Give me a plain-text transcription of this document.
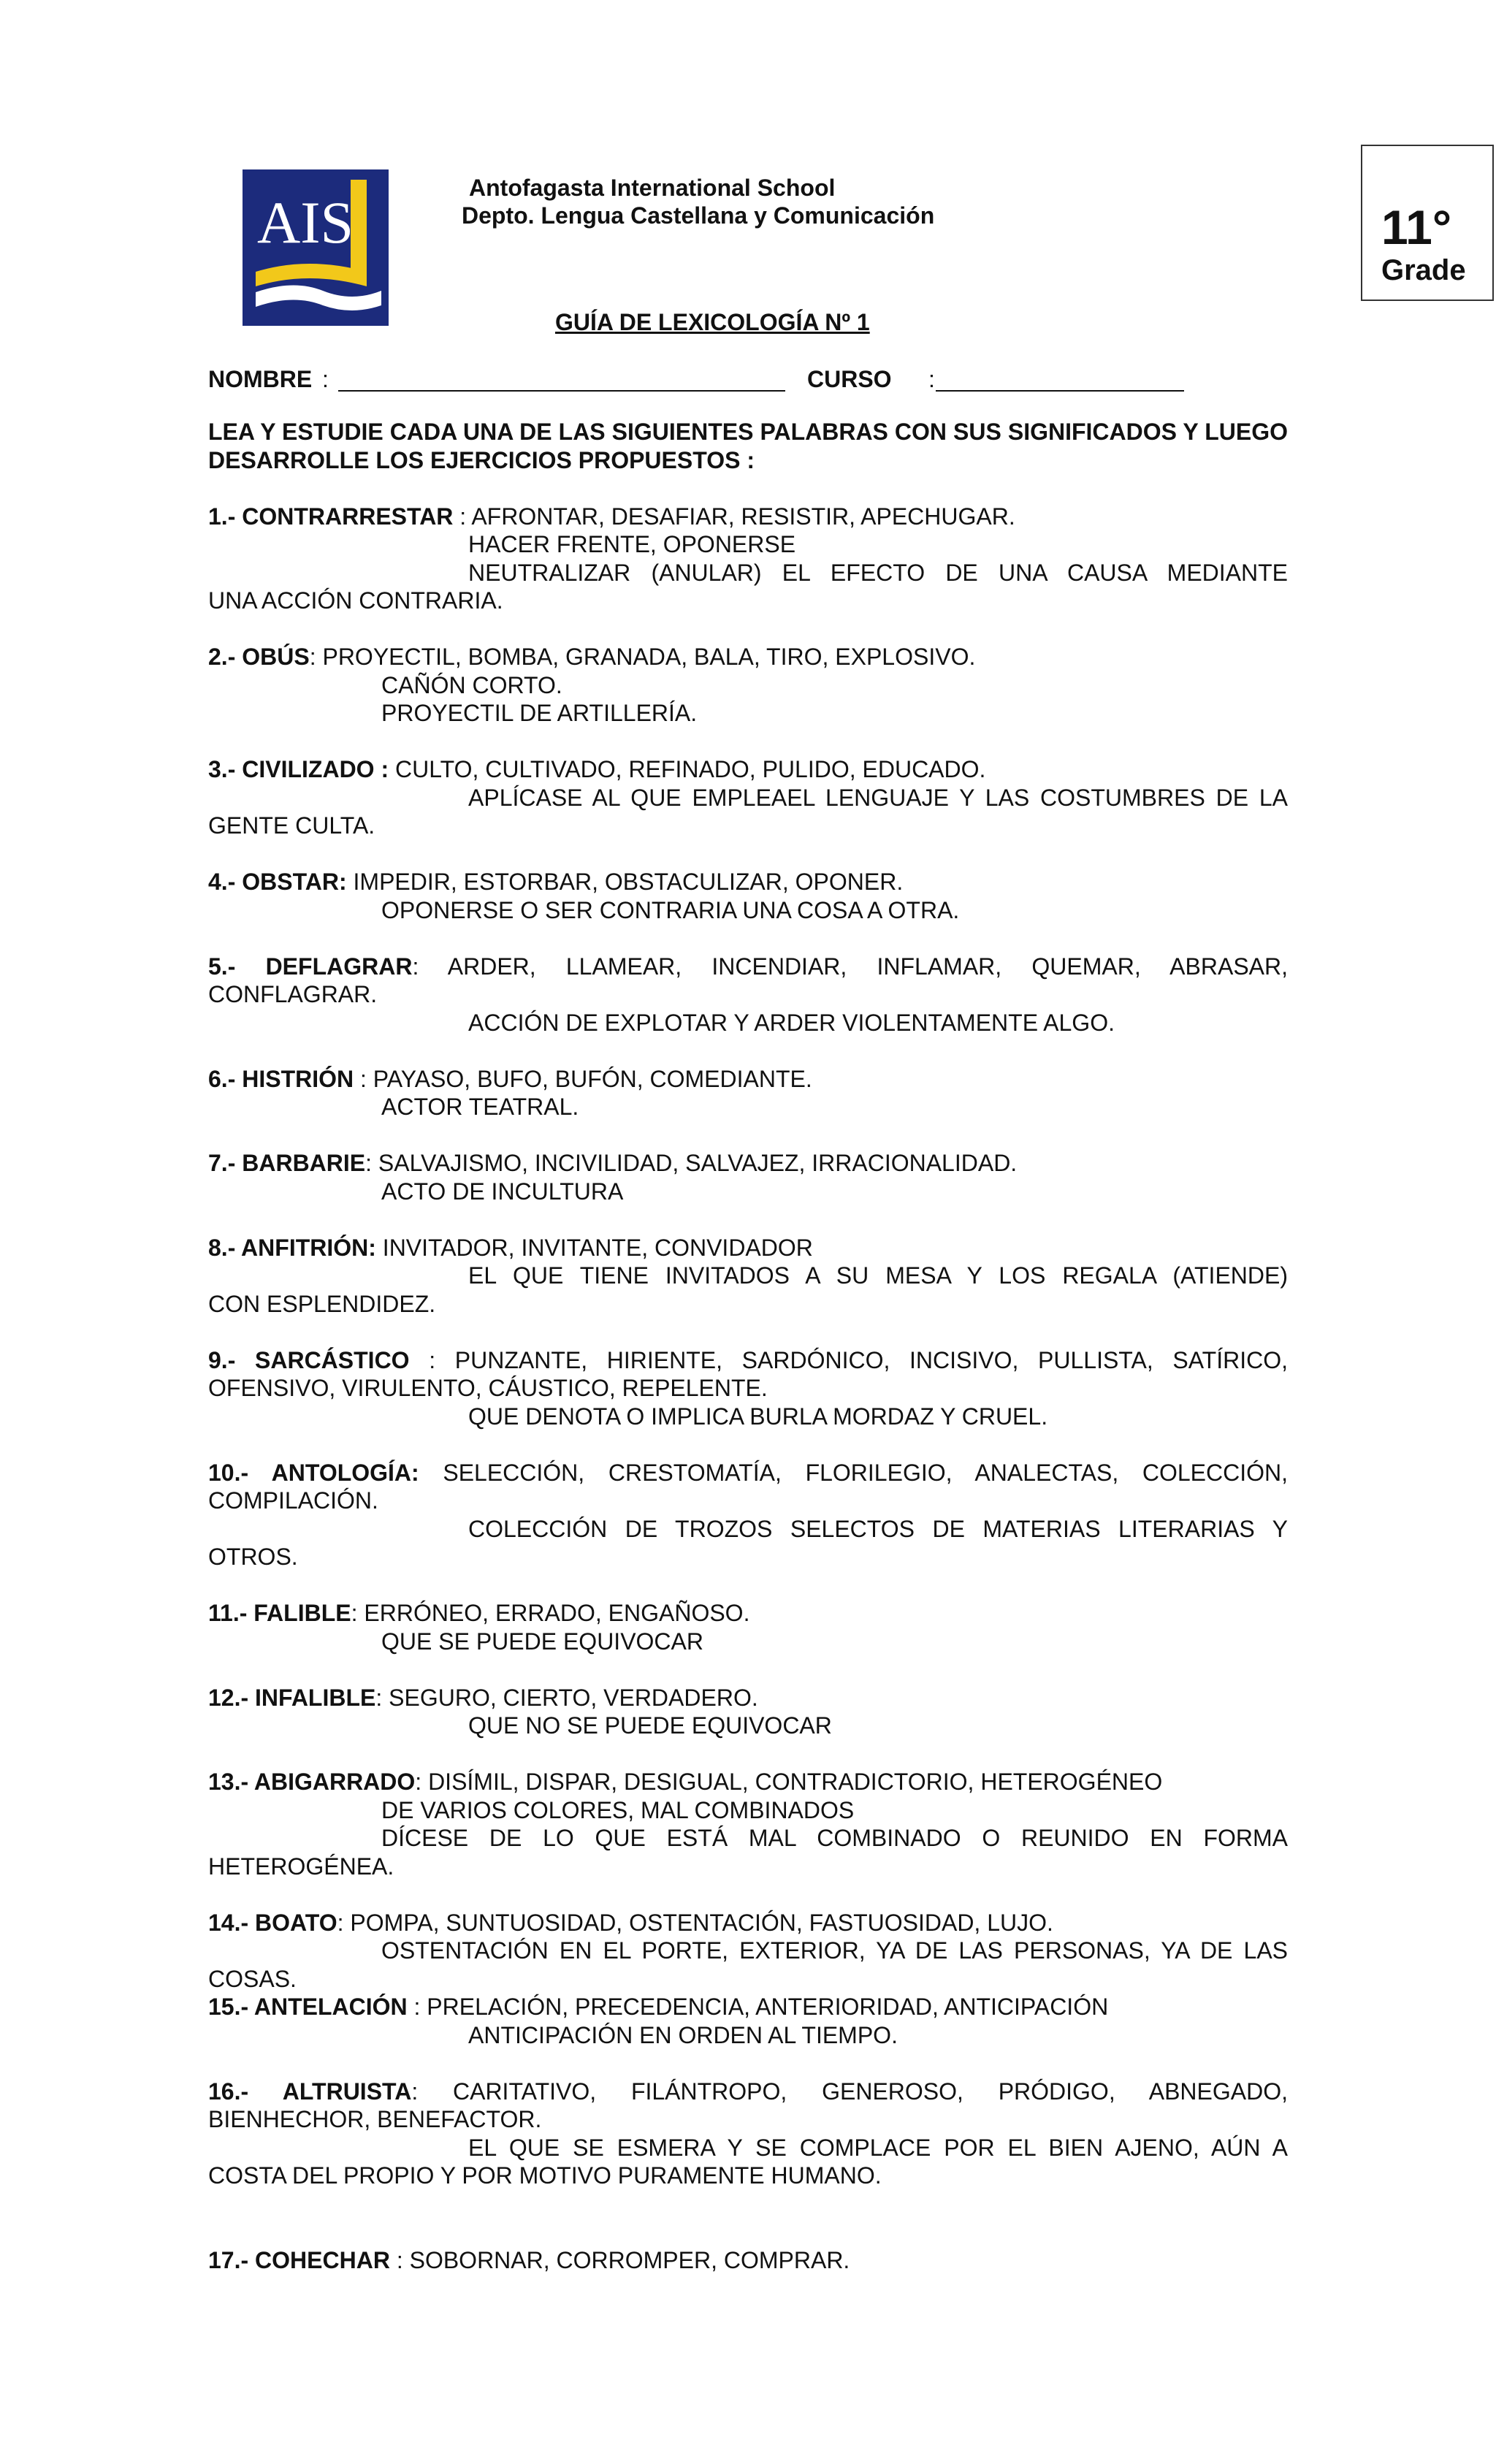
AIS
Antofagasta International School
Depto. Lengua Castellana y Comunicación	11°
Grade
GUÍA DE LEXICOLOGÍA Nº 1
NOMBRE :	CURSO :
LEA Y ESTUDIE CADA UNA DE LAS SIGUIENTES PALABRAS CON SUS SIGNIFICADOS Y LUEGO DESARROLLE LOS EJERCICIOS PROPUESTOS :
1.- CONTRARRESTAR : AFRONTAR, DESAFIAR, RESISTIR, APECHUGAR.
HACER FRENTE, OPONERSE
NEUTRALIZAR (ANULAR) EL EFECTO DE UNA CAUSA MEDIANTE
UNA ACCIÓN CONTRARIA.
2.- OBÚS: PROYECTIL, BOMBA, GRANADA, BALA, TIRO, EXPLOSIVO.
CAÑÓN CORTO.
PROYECTIL DE ARTILLERÍA.
3.- CIVILIZADO : CULTO, CULTIVADO, REFINADO, PULIDO, EDUCADO.
APLÍCASE AL QUE EMPLEAEL LENGUAJE Y LAS COSTUMBRES DE LA
GENTE CULTA.
4.- OBSTAR: IMPEDIR, ESTORBAR, OBSTACULIZAR, OPONER.
OPONERSE O SER CONTRARIA UNA COSA A OTRA.
5.- DEFLAGRAR: ARDER, LLAMEAR, INCENDIAR, INFLAMAR, QUEMAR, ABRASAR,
CONFLAGRAR.
ACCIÓN DE EXPLOTAR Y ARDER VIOLENTAMENTE ALGO.
6.- HISTRIÓN : PAYASO, BUFO, BUFÓN, COMEDIANTE.
ACTOR TEATRAL.
7.- BARBARIE: SALVAJISMO, INCIVILIDAD, SALVAJEZ, IRRACIONALIDAD.
ACTO DE INCULTURA
8.- ANFITRIÓN: INVITADOR, INVITANTE, CONVIDADOR
EL QUE TIENE INVITADOS A SU MESA Y LOS REGALA (ATIENDE)
CON ESPLENDIDEZ.
9.- SARCÁSTICO : PUNZANTE, HIRIENTE, SARDÓNICO, INCISIVO, PULLISTA, SATÍRICO,
OFENSIVO, VIRULENTO, CÁUSTICO, REPELENTE.
QUE DENOTA O IMPLICA BURLA MORDAZ Y CRUEL.
10.- ANTOLOGÍA: SELECCIÓN, CRESTOMATÍA, FLORILEGIO, ANALECTAS, COLECCIÓN,
COMPILACIÓN.
COLECCIÓN DE TROZOS SELECTOS DE MATERIAS LITERARIAS Y
OTROS.
11.- FALIBLE: ERRÓNEO, ERRADO, ENGAÑOSO.
QUE SE PUEDE EQUIVOCAR
12.- INFALIBLE: SEGURO, CIERTO, VERDADERO.
QUE NO SE PUEDE EQUIVOCAR
13.- ABIGARRADO: DISÍMIL, DISPAR, DESIGUAL, CONTRADICTORIO, HETEROGÉNEO
DE VARIOS COLORES, MAL COMBINADOS
DÍCESE DE LO QUE ESTÁ MAL COMBINADO O REUNIDO EN FORMA
HETEROGÉNEA.
14.- BOATO: POMPA, SUNTUOSIDAD, OSTENTACIÓN, FASTUOSIDAD, LUJO.
OSTENTACIÓN EN EL PORTE, EXTERIOR, YA DE LAS PERSONAS, YA DE LAS
COSAS.
15.- ANTELACIÓN : PRELACIÓN, PRECEDENCIA, ANTERIORIDAD, ANTICIPACIÓN
ANTICIPACIÓN EN ORDEN AL TIEMPO.
16.- ALTRUISTA: CARITATIVO, FILÁNTROPO, GENEROSO, PRÓDIGO, ABNEGADO,
BIENHECHOR, BENEFACTOR.
EL QUE SE ESMERA Y SE COMPLACE POR EL BIEN AJENO, AÚN A
COSTA DEL PROPIO Y POR MOTIVO PURAMENTE HUMANO.
17.- COHECHAR : SOBORNAR, CORROMPER, COMPRAR.
